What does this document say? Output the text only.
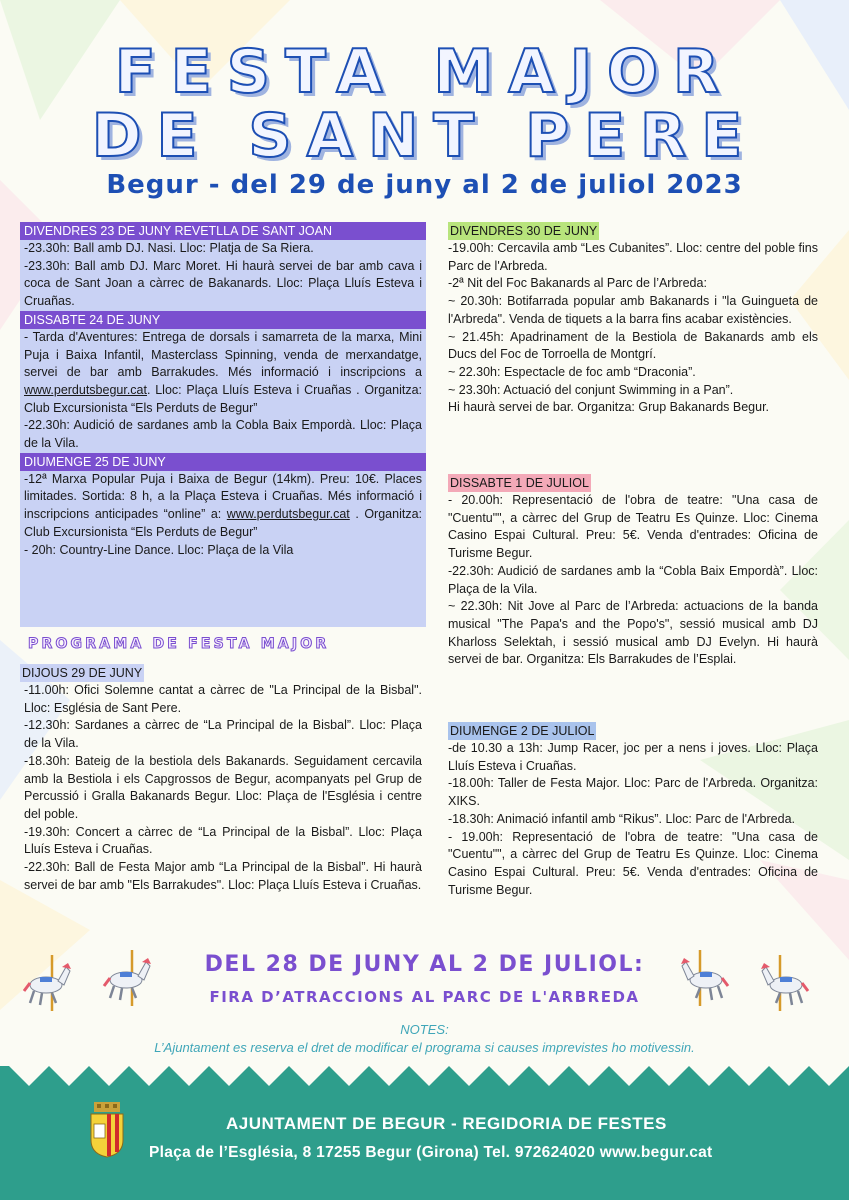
FESTA MAJOR
DE SANT PERE
Begur - del 29 de juny al 2 de juliol 2023
DIVENDRES 23 DE JUNY REVETLLA DE SANT JOAN

-23.30h: Ball amb DJ. Nasi. Lloc: Platja de Sa Riera.

-23.30h: Ball amb DJ. Marc Moret. Hi haurà servei de bar amb cava i coca de Sant Joan a càrrec de Bakanards. Lloc: Plaça Lluís Esteva i Cruañas.

DISSABTE 24 DE JUNY

- Tarda d'Aventures: Entrega de dorsals i samarreta de la marxa, Mini Puja i Baixa Infantil, Masterclass Spinning, venda de merxandatge, servei de bar amb Barrakudes. Més informació i inscripcions a www.perdutsbegur.cat. Lloc: Plaça Lluís Esteva i Cruañas . Organitza: Club Excursionista “Els Perduts de Begur”

-22.30h: Audició de sardanes amb la Cobla Baix Empordà. Lloc: Plaça de la Vila.

DIUMENGE 25 DE JUNY

-12ª Marxa Popular Puja i Baixa de Begur (14km). Preu: 10€. Places limitades. Sortida: 8 h, a la Plaça Esteva i Cruañas. Més informació i inscripcions anticipades “online” a: www.perdutsbegur.cat . Organitza: Club Excursionista “Els Perduts de Begur”

- 20h: Country-Line Dance. Lloc: Plaça de la Vila

PROGRAMA DE FESTA MAJOR
DIJOUS 29 DE JUNY

-11.00h: Ofici Solemne cantat a càrrec de "La Principal de la Bisbal". Lloc: Església de Sant Pere.

-12.30h: Sardanes a càrrec de “La Principal de la Bisbal”. Lloc: Plaça de la Vila.

-18.30h: Bateig de la bestiola dels Bakanards. Seguidament cercavila amb la Bestiola i els Capgrossos de Begur, acompanyats pel Grup de Percussió i Gralla Bakanards Begur. Lloc: Plaça de l'Església i centre del poble.

-19.30h: Concert a càrrec de “La Principal de la Bisbal”. Lloc: Plaça Lluís Esteva i Cruañas.

-22.30h: Ball de Festa Major amb “La Principal de la Bisbal”. Hi haurà servei de bar amb "Els Barrakudes". Lloc: Plaça Lluís Esteva i Cruañas.

DIVENDRES 30 DE JUNY

-19.00h: Cercavila amb “Les Cubanites”. Lloc: centre del poble fins Parc de l'Arbreda.

-2ª Nit del Foc Bakanards al Parc de l’Arbreda:

~ 20.30h: Botifarrada popular amb Bakanards i "la Guingueta de l'Arbreda". Venda de tiquets a la barra fins acabar existències.

~ 21.45h: Apadrinament de la Bestiola de Bakanards amb els Ducs del Foc de Torroella de Montgrí.

~ 22.30h: Espectacle de foc amb “Draconia”.

~ 23.30h: Actuació del conjunt Swimming in a Pan”.

Hi haurà servei de bar. Organitza: Grup Bakanards Begur.

DISSABTE 1 DE JULIOL

- 20.00h: Representació de l'obra de teatre: "Una casa de "Cuentu"", a càrrec del Grup de Teatru Es Quinze. Lloc: Cinema Casino Espai Cultural. Preu: 5€. Venda d'entrades: Oficina de Turisme Begur.

-22.30h: Audició de sardanes amb la “Cobla Baix Empordà”. Lloc: Plaça de la Vila.

~ 22.30h: Nit Jove al Parc de l’Arbreda: actuacions de la banda musical "The Papa's and the Popo's", sessió musical amb DJ Kharloss Selektah, i sessió musical amb DJ Evelyn. Hi haurà servei de bar. Organitza: Els Barrakudes de l’Esplai.

DIUMENGE 2 DE JULIOL

-de 10.30 a 13h: Jump Racer, joc per a nens i joves. Lloc: Plaça Lluís Esteva i Cruañas.

-18.00h: Taller de Festa Major. Lloc: Parc de l'Arbreda. Organitza: XIKS.

-18.30h: Animació infantil amb “Rikus”. Lloc: Parc de l'Arbreda.

- 19.00h: Representació de l'obra de teatre: "Una casa de "Cuentu"", a càrrec del Grup de Teatru Es Quinze. Lloc: Cinema Casino Espai Cultural. Preu: 5€. Venda d'entrades: Oficina de Turisme Begur.

DEL 28 DE JUNY AL 2 DE JULIOL:
FIRA D’ATRACCIONS AL PARC DE L'ARBREDA
NOTES:
L’Ajuntament es reserva el dret de modificar el programa si causes imprevistes ho motivessin.
AJUNTAMENT DE BEGUR - REGIDORIA DE FESTES
Plaça de l’Església, 8 17255 Begur (Girona) Tel. 972624020 www.begur.cat
